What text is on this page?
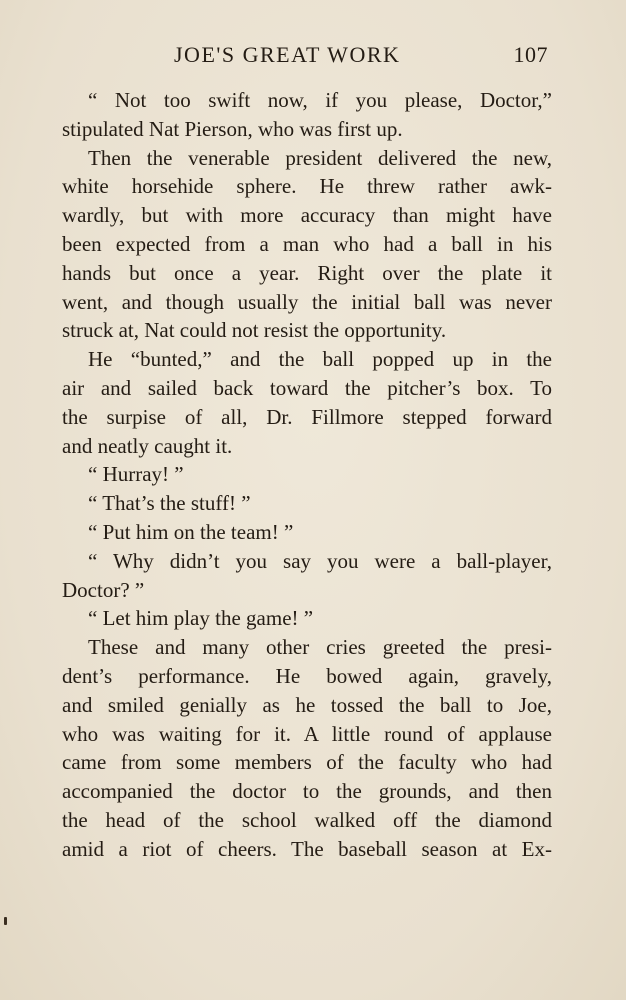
JOE'S GREAT WORK	107
“ Not too swift now, if you please, Doctor,”
stipulated Nat Pierson, who was first up.
Then the venerable president delivered the new,
white horsehide sphere. He threw rather awk-
wardly, but with more accuracy than might have
been expected from a man who had a ball in his
hands but once a year. Right over the plate it
went, and though usually the initial ball was never
struck at, Nat could not resist the opportunity.
He “bunted,” and the ball popped up in the
air and sailed back toward the pitcher’s box. To
the surpise of all, Dr. Fillmore stepped forward
and neatly caught it.
“ Hurray! ”
“ That’s the stuff! ”
“ Put him on the team! ”
“ Why didn’t you say you were a ball-player,
Doctor? ”
“ Let him play the game! ”
These and many other cries greeted the presi-
dent’s performance. He bowed again, gravely,
and smiled genially as he tossed the ball to Joe,
who was waiting for it. A little round of applause
came from some members of the faculty who had
accompanied the doctor to the grounds, and then
the head of the school walked off the diamond
amid a riot of cheers. The baseball season at Ex-
